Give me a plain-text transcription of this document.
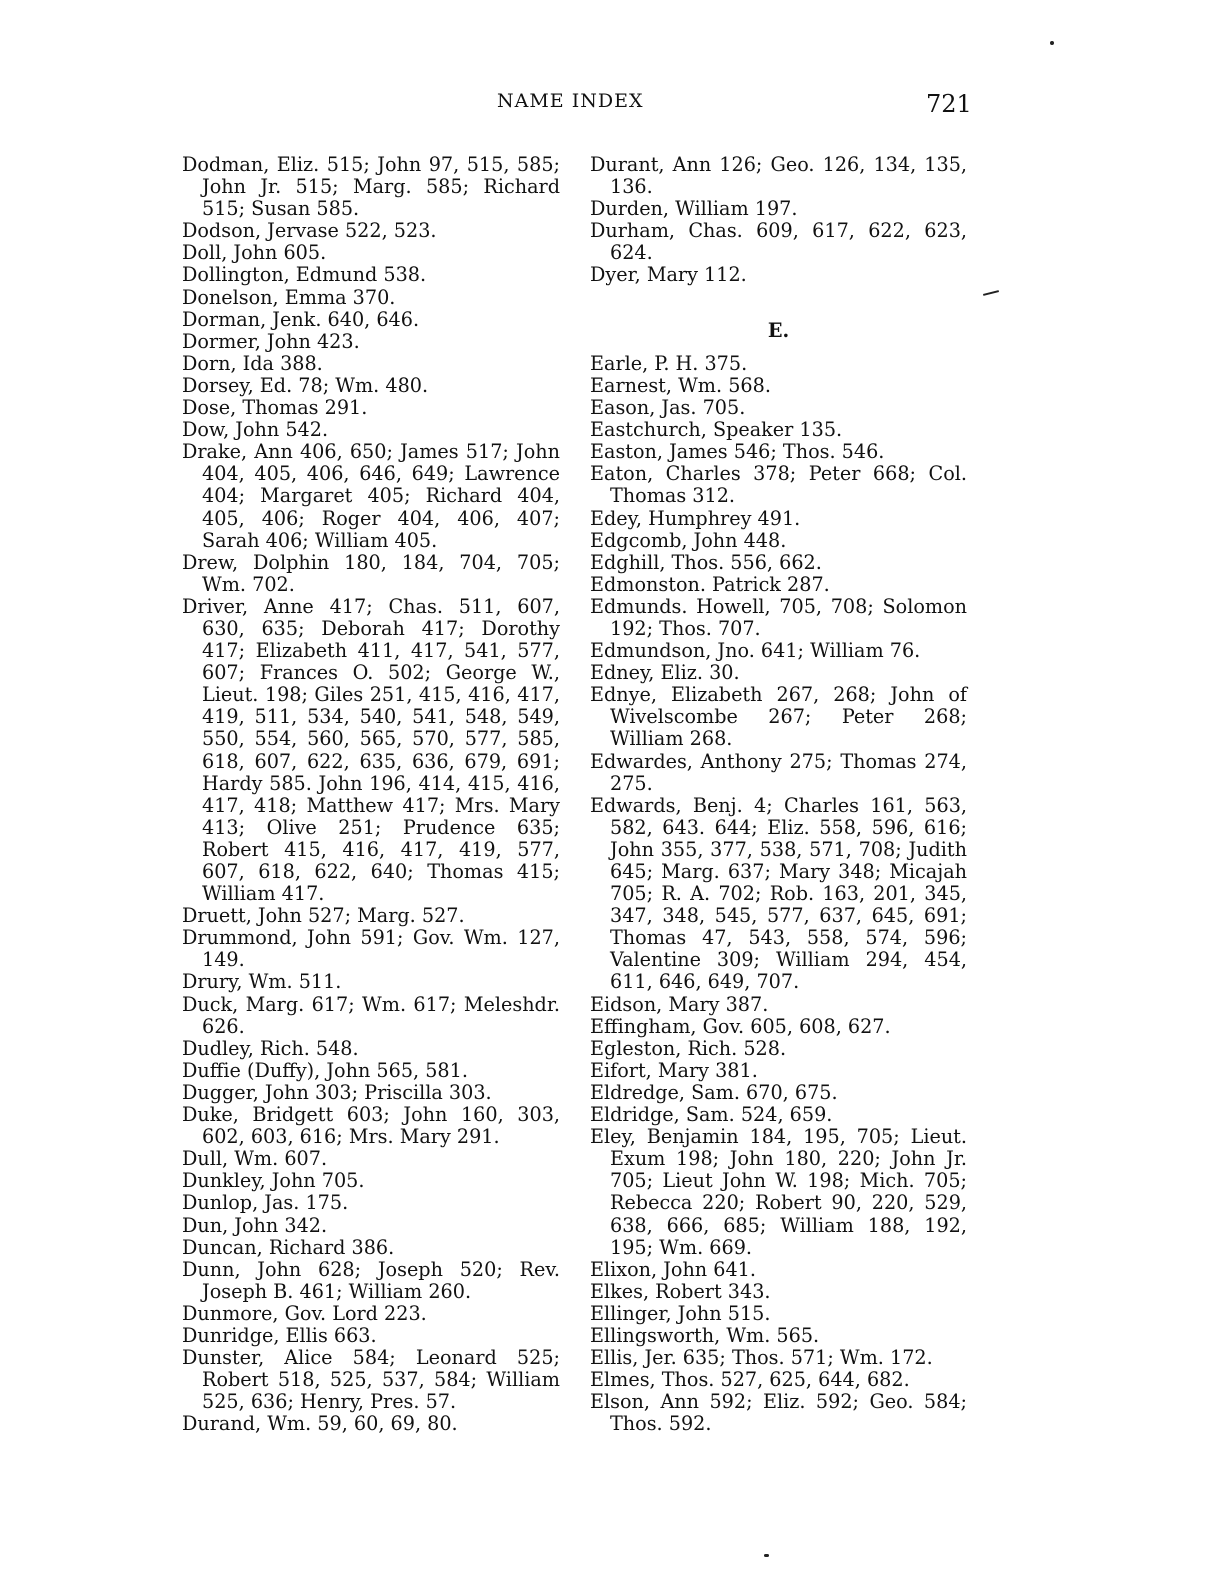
NAME INDEX	721
Dodman, Eliz. 515; John 97, 515, 585; John Jr. 515; Marg. 585; Richard 515; Susan 585.
Dodson, Jervase 522, 523.
Doll, John 605.
Dollington, Edmund 538.
Donelson, Emma 370.
Dorman, Jenk. 640, 646.
Dormer, John 423.
Dorn, Ida 388.
Dorsey, Ed. 78; Wm. 480.
Dose, Thomas 291.
Dow, John 542.
Drake, Ann 406, 650; James 517; John 404, 405, 406, 646, 649; Lawrence 404; Margaret 405; Richard 404, 405, 406; Roger 404, 406, 407; Sarah 406; William 405.
Drew, Dolphin 180, 184, 704, 705; Wm. 702.
Driver, Anne 417; Chas. 511, 607, 630, 635; Deborah 417; Dorothy 417; Elizabeth 411, 417, 541, 577, 607; Frances O. 502; George W., Lieut. 198; Giles 251, 415, 416, 417, 419, 511, 534, 540, 541, 548, 549, 550, 554, 560, 565, 570, 577, 585, 618, 607, 622, 635, 636, 679, 691; Hardy 585. John 196, 414, 415, 416, 417, 418; Matthew 417; Mrs. Mary 413; Olive 251; Prudence 635; Robert 415, 416, 417, 419, 577, 607, 618, 622, 640; Thomas 415; William 417.
Druett, John 527; Marg. 527.
Drummond, John 591; Gov. Wm. 127, 149.
Drury, Wm. 511.
Duck, Marg. 617; Wm. 617; Meleshdr. 626.
Dudley, Rich. 548.
Duffie (Duffy), John 565, 581.
Dugger, John 303; Priscilla 303.
Duke, Bridgett 603; John 160, 303, 602, 603, 616; Mrs. Mary 291.
Dull, Wm. 607.
Dunkley, John 705.
Dunlop, Jas. 175.
Dun, John 342.
Duncan, Richard 386.
Dunn, John 628; Joseph 520; Rev. Joseph B. 461; William 260.
Dunmore, Gov. Lord 223.
Dunridge, Ellis 663.
Dunster, Alice 584; Leonard 525; Robert 518, 525, 537, 584; William 525, 636; Henry, Pres. 57.
Durand, Wm. 59, 60, 69, 80.
Durant, Ann 126; Geo. 126, 134, 135, 136.
Durden, William 197.
Durham, Chas. 609, 617, 622, 623, 624.
Dyer, Mary 112.
E.
Earle, P. H. 375.
Earnest, Wm. 568.
Eason, Jas. 705.
Eastchurch, Speaker 135.
Easton, James 546; Thos. 546.
Eaton, Charles 378; Peter 668; Col. Thomas 312.
Edey, Humphrey 491.
Edgcomb, John 448.
Edghill, Thos. 556, 662.
Edmonston. Patrick 287.
Edmunds. Howell, 705, 708; Solomon 192; Thos. 707.
Edmundson, Jno. 641; William 76.
Edney, Eliz. 30.
Ednye, Elizabeth 267, 268; John of Wivelscombe 267; Peter 268; William 268.
Edwardes, Anthony 275; Thomas 274, 275.
Edwards, Benj. 4; Charles 161, 563, 582, 643. 644; Eliz. 558, 596, 616; John 355, 377, 538, 571, 708; Judith 645; Marg. 637; Mary 348; Micajah 705; R. A. 702; Rob. 163, 201, 345, 347, 348, 545, 577, 637, 645, 691; Thomas 47, 543, 558, 574, 596; Valentine 309; William 294, 454, 611, 646, 649, 707.
Eidson, Mary 387.
Effingham, Gov. 605, 608, 627.
Egleston, Rich. 528.
Eifort, Mary 381.
Eldredge, Sam. 670, 675.
Eldridge, Sam. 524, 659.
Eley, Benjamin 184, 195, 705; Lieut. Exum 198; John 180, 220; John Jr. 705; Lieut John W. 198; Mich. 705; Rebecca 220; Robert 90, 220, 529, 638, 666, 685; William 188, 192, 195; Wm. 669.
Elixon, John 641.
Elkes, Robert 343.
Ellinger, John 515.
Ellingsworth, Wm. 565.
Ellis, Jer. 635; Thos. 571; Wm. 172.
Elmes, Thos. 527, 625, 644, 682.
Elson, Ann 592; Eliz. 592; Geo. 584; Thos. 592.
